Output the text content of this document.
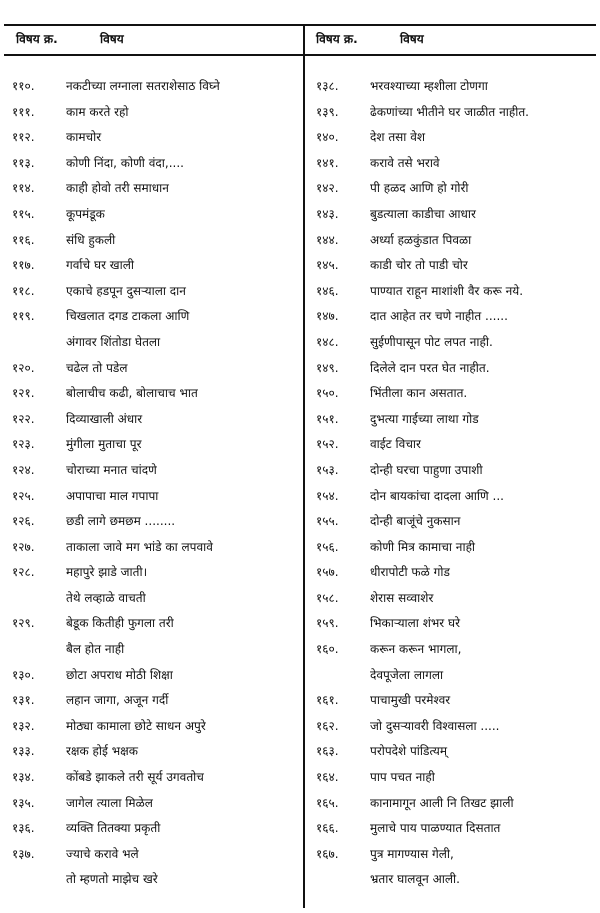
विषय क्र.	विषय	विषय क्र.	विषय
११०.	नकटीच्या लग्नाला सतराशेसाठ विघ्ने
१११.	काम करते रहो
११२.	कामचोर
११३.	कोणी निंदा, कोणी वंदा,....
११४.	काही होवो तरी समाधान
११५.	कूपमंडूक
११६.	संधि हुकली
११७.	गर्वाचे घर खाली
११८.	एकाचे हडपून दुसऱ्याला दान
११९.	चिखलात दगड टाकला आणि
अंगावर शिंतोडा घेतला
१२०.	चढेल तो पडेल
१२१.	बोलाचीच कढी, बोलाचाच भात
१२२.	दिव्याखाली अंधार
१२३.	मुंगीला मुताचा पूर
१२४.	चोराच्या मनात चांदणे
१२५.	अपापाचा माल गपापा
१२६.	छडी लागे छमछम ........
१२७.	ताकाला जावे मग भांडे का लपवावे
१२८.	महापुरे झाडे जाती।
तेथे लव्हाळे वाचती
१२९.	बेडूक कितीही फुगला तरी
बैल होत नाही
१३०.	छोटा अपराध मोठी शिक्षा
१३१.	लहान जागा, अजून गर्दी
१३२.	मोठ्या कामाला छोटे साधन अपुरे
१३३.	रक्षक होई भक्षक
१३४.	कोंबडे झाकले तरी सूर्य उगवतोच
१३५.	जागेल त्याला मिळेल
१३६.	व्यक्ति तितक्या प्रकृती
१३७.	ज्याचे करावे भले
तो म्हणतो माझेच खरे
१३८.	भरवश्याच्या म्हशीला टोणगा
१३९.	ढेकणांच्या भीतीने घर जाळीत नाहीत.
१४०.	देश तसा वेश
१४१.	करावे तसे भरावे
१४२.	पी हळद आणि हो गोरी
१४३.	बुडत्याला काडीचा आधार
१४४.	अर्ध्या हळकुंडात पिवळा
१४५.	काडी चोर तो पाडी चोर
१४६.	पाण्यात राहून माशांशी वैर करू नये.
१४७.	दात आहेत तर चणे नाहीत ......
१४८.	सुईणीपासून पोट लपत नाही.
१४९.	दिलेले दान परत घेत नाहीत.
१५०.	भिंतीला कान असतात.
१५१.	दुभत्या गाईच्या लाथा गोड
१५२.	वाईट विचार
१५३.	दोन्ही घरचा पाहुणा उपाशी
१५४.	दोन बायकांचा दादला आणि ...
१५५.	दोन्ही बाजूंचे नुकसान
१५६.	कोणी मित्र कामाचा नाही
१५७.	धीरापोटी फळे गोड
१५८.	शेरास सव्वाशेर
१५९.	भिकाऱ्याला शंभर घरे
१६०.	करून करून भागला,
देवपूजेला लागला
१६१.	पाचामुखी परमेश्वर
१६२.	जो दुसऱ्यावरी विश्वासला .....
१६३.	परोपदेशे पांडित्यम्
१६४.	पाप पचत नाही
१६५.	कानामागून आली नि तिखट झाली
१६६.	मुलाचे पाय पाळण्यात दिसतात
१६७.	पुत्र मागण्यास गेली,
भ्रतार घालवून आली.
